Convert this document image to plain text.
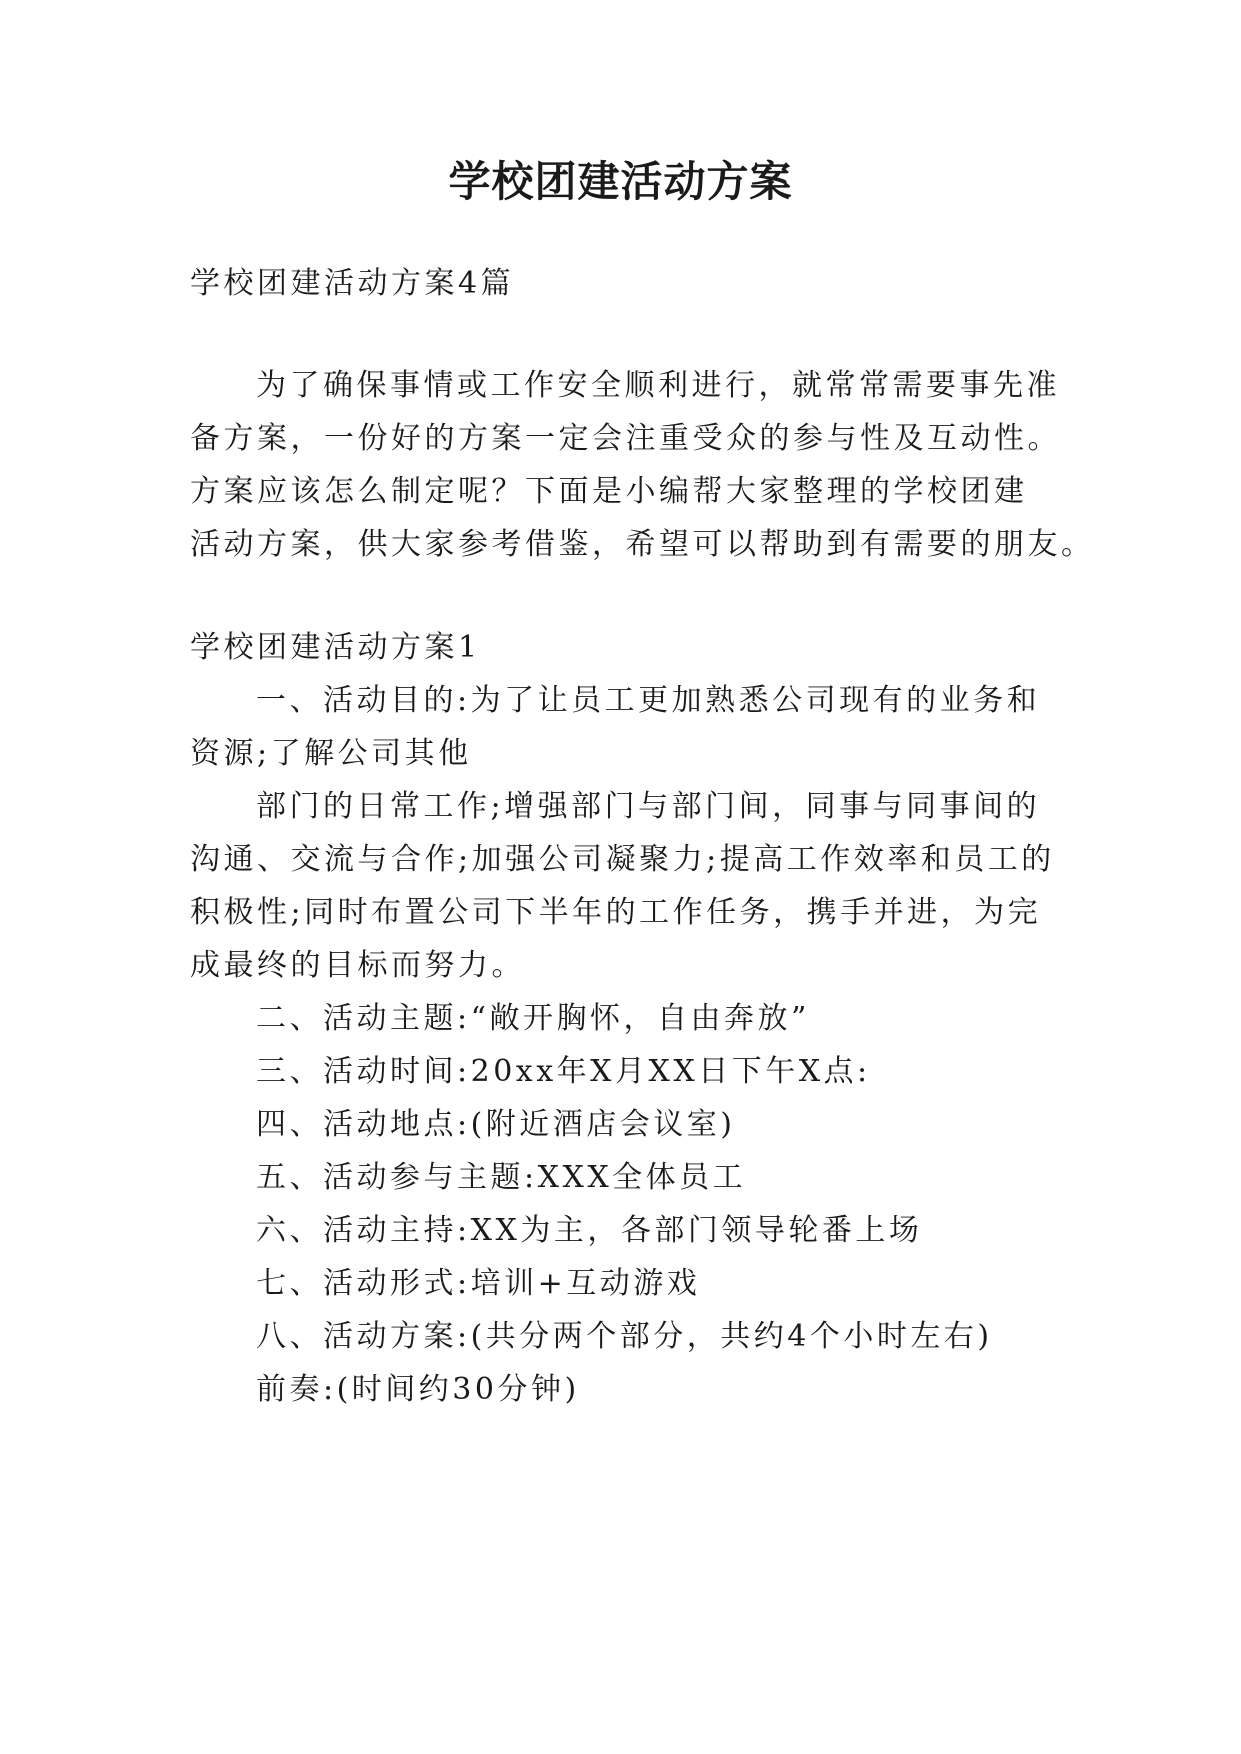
学校团建活动方案
学校团建活动方案4篇
为了确保事情或工作安全顺利进行，就常常需要事先准
备方案，一份好的方案一定会注重受众的参与性及互动性。
方案应该怎么制定呢？下面是小编帮大家整理的学校团建
活动方案，供大家参考借鉴，希望可以帮助到有需要的朋友。
学校团建活动方案1
一、活动目的:为了让员工更加熟悉公司现有的业务和
资源;了解公司其他
部门的日常工作;增强部门与部门间，同事与同事间的
沟通、交流与合作;加强公司凝聚力;提高工作效率和员工的
积极性;同时布置公司下半年的工作任务，携手并进，为完
成最终的目标而努力。
二、活动主题:“敞开胸怀，自由奔放”
三、活动时间:20xx年X月XX日下午X点:
四、活动地点:(附近酒店会议室)
五、活动参与主题:XXX全体员工
六、活动主持:XX为主，各部门领导轮番上场
七、活动形式:培训+互动游戏
八、活动方案:(共分两个部分，共约4个小时左右)
前奏:(时间约30分钟)
